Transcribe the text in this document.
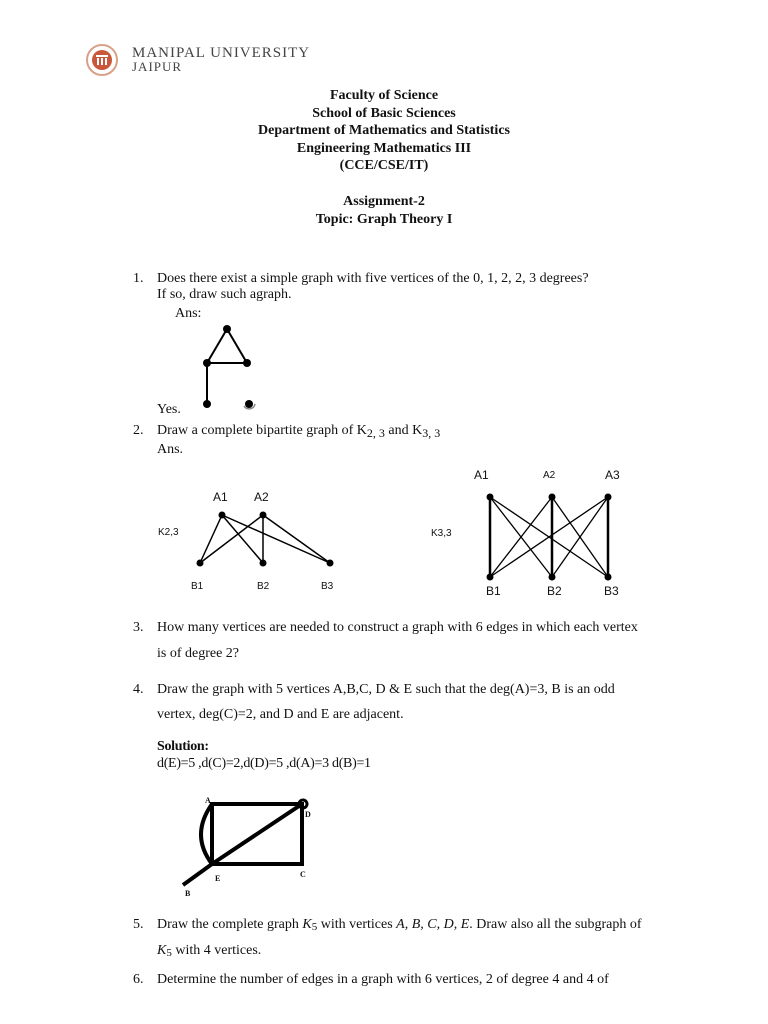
MANIPAL UNIVERSITY
JAIPUR
Faculty of Science
School of Basic Sciences
Department of Mathematics and Statistics
Engineering Mathematics III
(CCE/CSE/IT)
Assignment-2
Topic: Graph Theory I
1. Does there exist a simple graph with five vertices of the 0, 1, 2, 2, 3 degrees?
If so, draw such agraph.
Ans:
Yes.
2. Draw a complete bipartite graph of K2, 3 and K3, 3
Ans.
A1 A2
K2,3
B1	B2	B3
A1	A2	A3
K3,3
B1	B2	B3
3. How many vertices are needed to construct a graph with 6 edges in which each vertex
is of degree 2?
4. Draw the graph with 5 vertices A,B,C, D & E such that the deg(A)=3, B is an odd
vertex, deg(C)=2, and D and E are adjacent.
Solution:
d(E)=5 ,d(C)=2,d(D)=5 ,d(A)=3 d(B)=1
A
D
E	C
B
5. Draw the complete graph K5 with vertices A, B, C, D, E. Draw also all the subgraph of
K5 with 4 vertices.
6. Determine the number of edges in a graph with 6 vertices, 2 of degree 4 and 4 of
